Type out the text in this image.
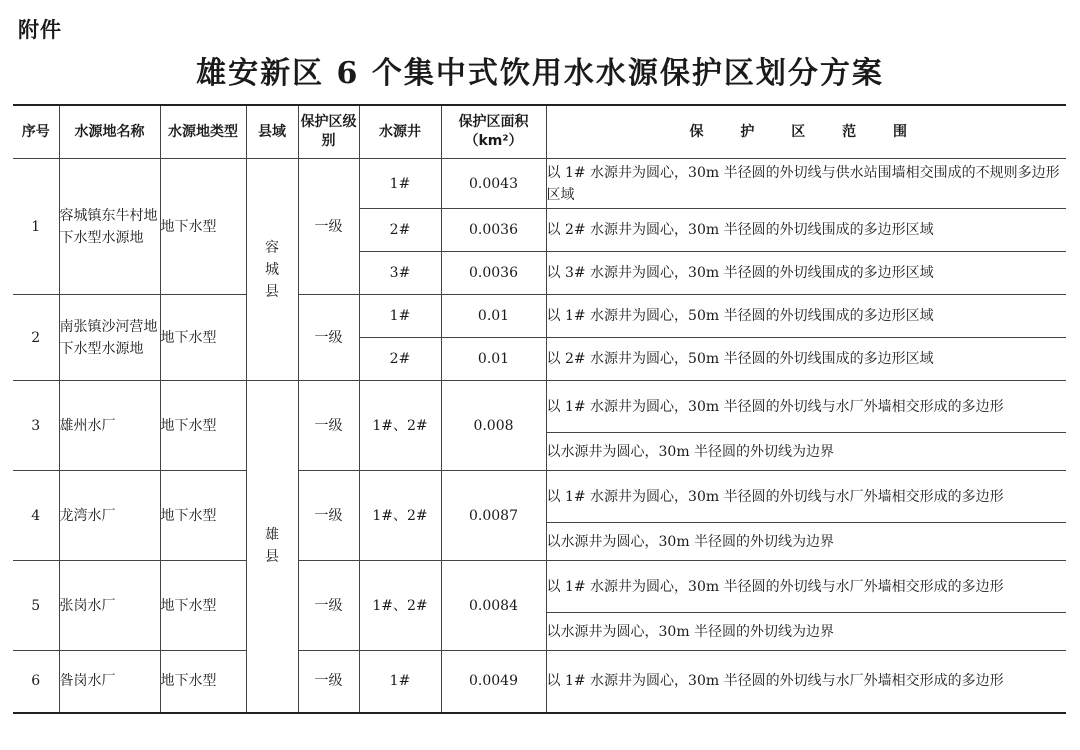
附件
雄安新区 6 个集中式饮用水水源保护区划分方案
序号	水源地名称	水源地类型	县域	保护区级别	水源井	保护区面积（km²）	保 护 区 范 围
1	容城镇东牛村地下水型水源地	地下水型	容城县	一级	1#	0.0043	以 1# 水源井为圆心，30m 半径圆的外切线与供水站围墙相交围成的不规则多边形区域
					2#	0.0036	以 2# 水源井为圆心，30m 半径圆的外切线围成的多边形区域
					3#	0.0036	以 3# 水源井为圆心，30m 半径圆的外切线围成的多边形区域
2	南张镇沙河营地下水型水源地	地下水型		一级	1#	0.01	以 1# 水源井为圆心，50m 半径圆的外切线围成的多边形区域
					2#	0.01	以 2# 水源井为圆心，50m 半径圆的外切线围成的多边形区域
3	雄州水厂	地下水型	雄县	一级	1#、2#	0.008	以 1# 水源井为圆心，30m 半径圆的外切线与水厂外墙相交形成的多边形
							以水源井为圆心，30m 半径圆的外切线为边界
4	龙湾水厂	地下水型		一级	1#、2#	0.0087	以 1# 水源井为圆心，30m 半径圆的外切线与水厂外墙相交形成的多边形
							以水源井为圆心，30m 半径圆的外切线为边界
5	张岗水厂	地下水型		一级	1#、2#	0.0084	以 1# 水源井为圆心，30m 半径圆的外切线与水厂外墙相交形成的多边形
							以水源井为圆心，30m 半径圆的外切线为边界
6	昝岗水厂	地下水型		一级	1#	0.0049	以 1# 水源井为圆心，30m 半径圆的外切线与水厂外墙相交形成的多边形
